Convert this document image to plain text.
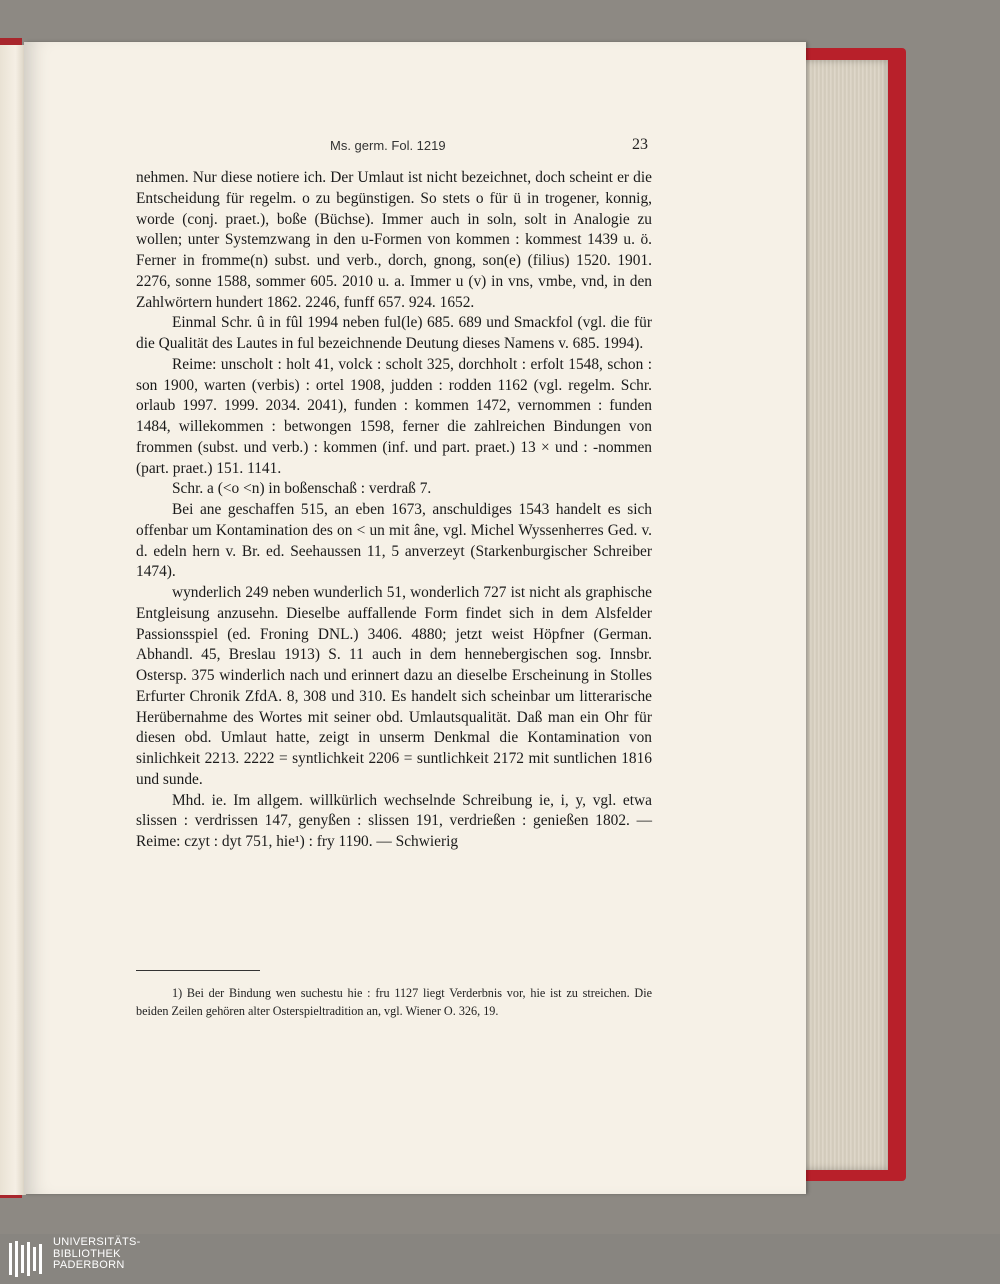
Ms. germ. Fol. 1219	23

nehmen. Nur diese notiere ich. Der Umlaut ist nicht bezeichnet, doch scheint er die Entscheidung für regelm. o zu begünstigen. So stets o für ü in trogener, konnig, worde (conj. praet.), boße (Büchse). Immer auch in soln, solt in Analogie zu wollen; unter Systemzwang in den u-Formen von kommen : kommest 1439 u. ö. Ferner in fromme(n) subst. und verb., dorch, gnong, son(e) (filius) 1520. 1901. 2276, sonne 1588, sommer 605. 2010 u. a. Immer u (v) in vns, vmbe, vnd, in den Zahlwörtern hundert 1862. 2246, funff 657. 924. 1652.

Einmal Schr. û in fûl 1994 neben ful(le) 685. 689 und Smackfol (vgl. die für die Qualität des Lautes in ful bezeichnende Deutung dieses Namens v. 685. 1994).

Reime: unscholt : holt 41, volck : scholt 325, dorchholt : erfolt 1548, schon : son 1900, warten (verbis) : ortel 1908, judden : rodden 1162 (vgl. regelm. Schr. orlaub 1997. 1999. 2034. 2041), funden : kommen 1472, vernommen : funden 1484, willekommen : betwongen 1598, ferner die zahlreichen Bindungen von frommen (subst. und verb.) : kommen (inf. und part. praet.) 13 × und : -nommen (part. praet.) 151. 1141.

Schr. a (<o <n) in boßenschaß : verdraß 7.

Bei ane geschaffen 515, an eben 1673, anschuldiges 1543 handelt es sich offenbar um Kontamination des on < un mit âne, vgl. Michel Wyssenherres Ged. v. d. edeln hern v. Br. ed. Seehaussen 11, 5 anverzeyt (Starkenburgischer Schreiber 1474).

wynderlich 249 neben wunderlich 51, wonderlich 727 ist nicht als graphische Entgleisung anzusehn. Dieselbe auffallende Form findet sich in dem Alsfelder Passionsspiel (ed. Froning DNL.) 3406. 4880; jetzt weist Höpfner (German. Abhandl. 45, Breslau 1913) S. 11 auch in dem hennebergischen sog. Innsbr. Ostersp. 375 winderlich nach und erinnert dazu an dieselbe Erscheinung in Stolles Erfurter Chronik ZfdA. 8, 308 und 310. Es handelt sich scheinbar um litterarische Herübernahme des Wortes mit seiner obd. Umlautsqualität. Daß man ein Ohr für diesen obd. Umlaut hatte, zeigt in unserm Denkmal die Kontamination von sinlichkeit 2213. 2222 = syntlichkeit 2206 = suntlichkeit 2172 mit suntlichen 1816 und sunde.

Mhd. ie. Im allgem. willkürlich wechselnde Schreibung ie, i, y, vgl. etwa slissen : verdrissen 147, genyßen : slissen 191, verdrießen : genießen 1802. — Reime: czyt : dyt 751, hie¹) : fry 1190. — Schwierig

1) Bei der Bindung wen suchestu hie : fru 1127 liegt Verderbnis vor, hie ist zu streichen. Die beiden Zeilen gehören alter Osterspieltradition an, vgl. Wiener O. 326, 19.
UNIVERSITÄTS-
BIBLIOTHEK
PADERBORN
